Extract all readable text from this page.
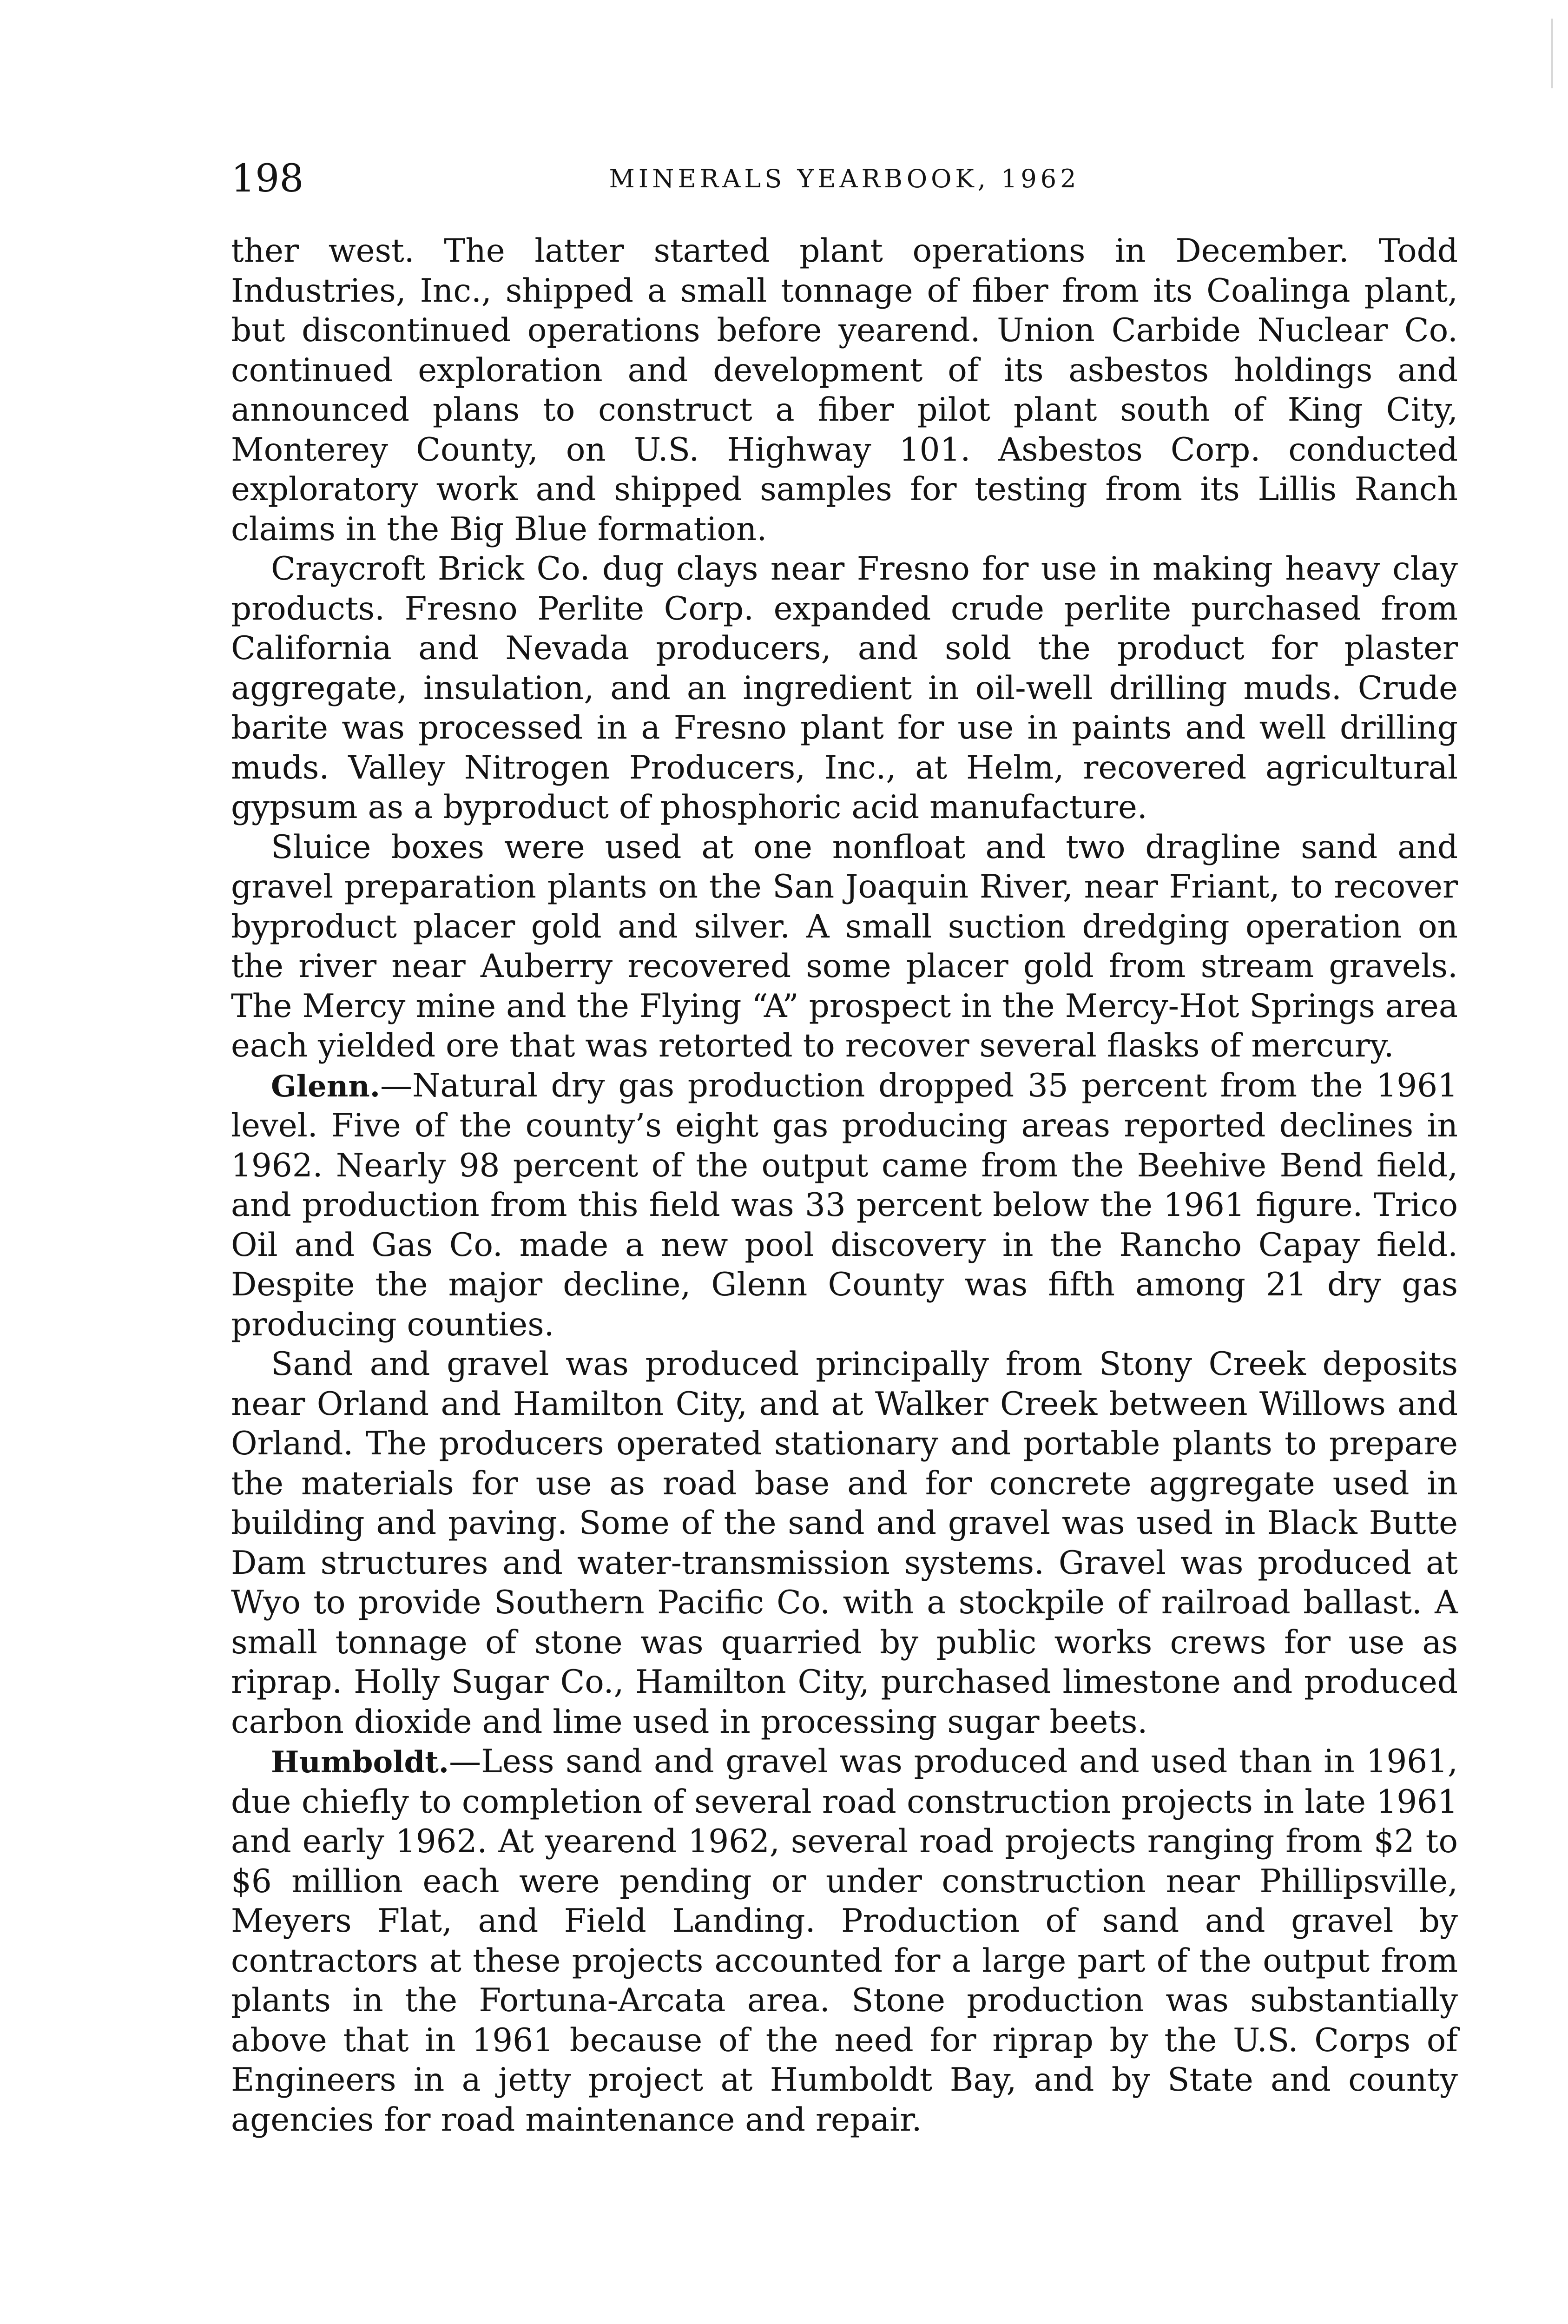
198	MINERALS YEARBOOK, 1962

ther west. The latter started plant operations in December. Todd Industries, Inc., shipped a small tonnage of fiber from its Coalinga plant, but discontinued operations before yearend. Union Carbide Nuclear Co. continued exploration and development of its asbestos holdings and announced plans to construct a fiber pilot plant south of King City, Monterey County, on U.S. Highway 101. Asbestos Corp. conducted exploratory work and shipped samples for testing from its Lillis Ranch claims in the Big Blue formation.

Craycroft Brick Co. dug clays near Fresno for use in making heavy clay products. Fresno Perlite Corp. expanded crude perlite purchased from California and Nevada producers, and sold the product for plaster aggregate, insulation, and an ingredient in oil-well drilling muds. Crude barite was processed in a Fresno plant for use in paints and well drilling muds. Valley Nitrogen Producers, Inc., at Helm, recovered agricultural gypsum as a byproduct of phosphoric acid manufacture.

Sluice boxes were used at one nonfloat and two dragline sand and gravel preparation plants on the San Joaquin River, near Friant, to recover byproduct placer gold and silver. A small suction dredging operation on the river near Auberry recovered some placer gold from stream gravels. The Mercy mine and the Flying “A” prospect in the Mercy-Hot Springs area each yielded ore that was retorted to recover several flasks of mercury.

Glenn.—Natural dry gas production dropped 35 percent from the 1961 level. Five of the county’s eight gas producing areas reported declines in 1962. Nearly 98 percent of the output came from the Beehive Bend field, and production from this field was 33 percent below the 1961 figure. Trico Oil and Gas Co. made a new pool discovery in the Rancho Capay field. Despite the major decline, Glenn County was fifth among 21 dry gas producing counties.

Sand and gravel was produced principally from Stony Creek deposits near Orland and Hamilton City, and at Walker Creek between Willows and Orland. The producers operated stationary and portable plants to prepare the materials for use as road base and for concrete aggregate used in building and paving. Some of the sand and gravel was used in Black Butte Dam structures and water-transmission systems. Gravel was produced at Wyo to provide Southern Pacific Co. with a stockpile of railroad ballast. A small tonnage of stone was quarried by public works crews for use as riprap. Holly Sugar Co., Hamilton City, purchased limestone and produced carbon dioxide and lime used in processing sugar beets.

Humboldt.—Less sand and gravel was produced and used than in 1961, due chiefly to completion of several road construction projects in late 1961 and early 1962. At yearend 1962, several road projects ranging from $2 to $6 million each were pending or under construction near Phillipsville, Meyers Flat, and Field Landing. Production of sand and gravel by contractors at these projects accounted for a large part of the output from plants in the Fortuna-Arcata area. Stone production was substantially above that in 1961 because of the need for riprap by the U.S. Corps of Engineers in a jetty project at Humboldt Bay, and by State and county agencies for road maintenance and repair.
